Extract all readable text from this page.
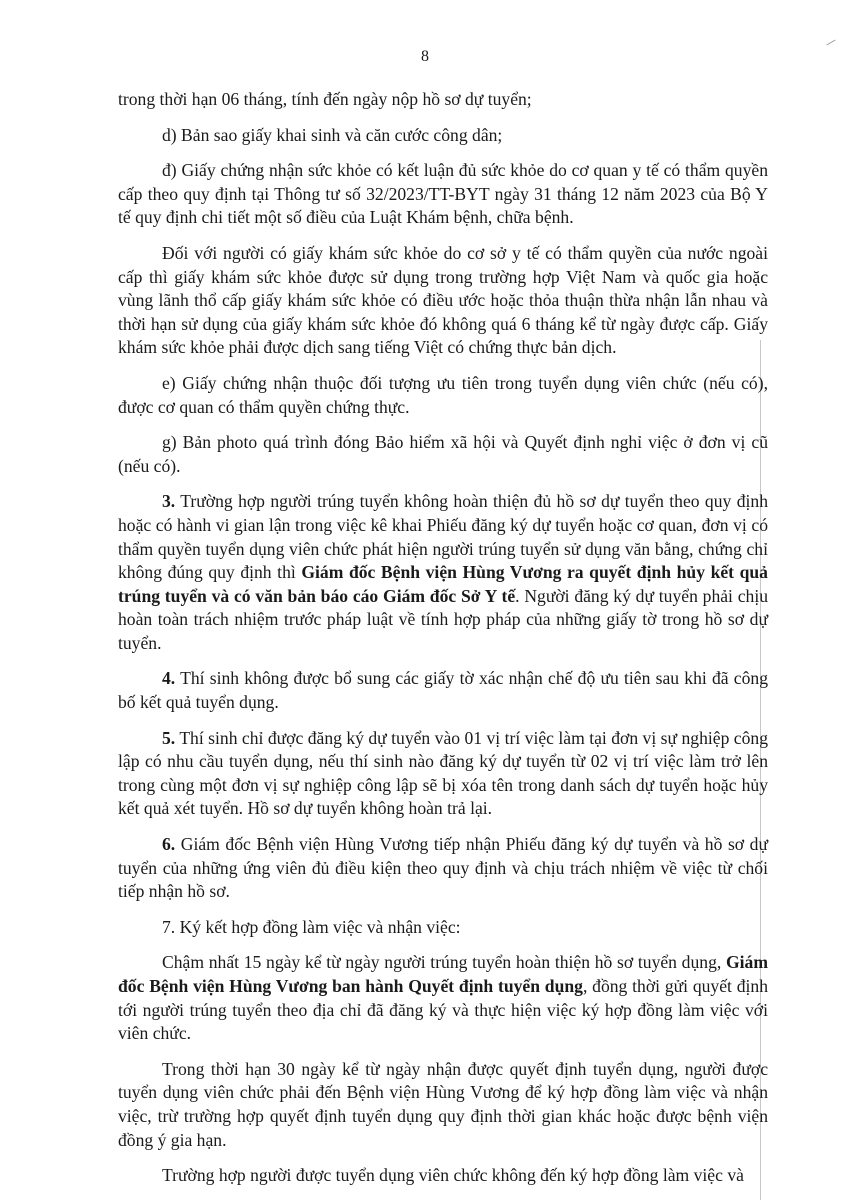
8

trong thời hạn 06 tháng, tính đến ngày nộp hồ sơ dự tuyển;

d) Bản sao giấy khai sinh và căn cước công dân;

đ) Giấy chứng nhận sức khỏe có kết luận đủ sức khỏe do cơ quan y tế có thẩm quyền cấp theo quy định tại Thông tư số 32/2023/TT-BYT ngày 31 tháng 12 năm 2023 của Bộ Y tế quy định chi tiết một số điều của Luật Khám bệnh, chữa bệnh.

Đối với người có giấy khám sức khỏe do cơ sở y tế có thẩm quyền của nước ngoài cấp thì giấy khám sức khỏe được sử dụng trong trường hợp Việt Nam và quốc gia hoặc vùng lãnh thổ cấp giấy khám sức khỏe có điều ước hoặc thỏa thuận thừa nhận lẫn nhau và thời hạn sử dụng của giấy khám sức khỏe đó không quá 6 tháng kể từ ngày được cấp. Giấy khám sức khỏe phải được dịch sang tiếng Việt có chứng thực bản dịch.

e) Giấy chứng nhận thuộc đối tượng ưu tiên trong tuyển dụng viên chức (nếu có), được cơ quan có thẩm quyền chứng thực.

g) Bản photo quá trình đóng Bảo hiểm xã hội và Quyết định nghỉ việc ở đơn vị cũ (nếu có).

3. Trường hợp người trúng tuyển không hoàn thiện đủ hồ sơ dự tuyển theo quy định hoặc có hành vi gian lận trong việc kê khai Phiếu đăng ký dự tuyển hoặc cơ quan, đơn vị có thẩm quyền tuyển dụng viên chức phát hiện người trúng tuyển sử dụng văn bằng, chứng chỉ không đúng quy định thì Giám đốc Bệnh viện Hùng Vương ra quyết định hủy kết quả trúng tuyển và có văn bản báo cáo Giám đốc Sở Y tế. Người đăng ký dự tuyển phải chịu hoàn toàn trách nhiệm trước pháp luật về tính hợp pháp của những giấy tờ trong hồ sơ dự tuyển.

4. Thí sinh không được bổ sung các giấy tờ xác nhận chế độ ưu tiên sau khi đã công bố kết quả tuyển dụng.

5. Thí sinh chỉ được đăng ký dự tuyển vào 01 vị trí việc làm tại đơn vị sự nghiệp công lập có nhu cầu tuyển dụng, nếu thí sinh nào đăng ký dự tuyển từ 02 vị trí việc làm trở lên trong cùng một đơn vị sự nghiệp công lập sẽ bị xóa tên trong danh sách dự tuyển hoặc hủy kết quả xét tuyển. Hồ sơ dự tuyển không hoàn trả lại.

6. Giám đốc Bệnh viện Hùng Vương tiếp nhận Phiếu đăng ký dự tuyển và hồ sơ dự tuyển của những ứng viên đủ điều kiện theo quy định và chịu trách nhiệm về việc từ chối tiếp nhận hồ sơ.

7. Ký kết hợp đồng làm việc và nhận việc:

Chậm nhất 15 ngày kể từ ngày người trúng tuyển hoàn thiện hồ sơ tuyển dụng, Giám đốc Bệnh viện Hùng Vương ban hành Quyết định tuyển dụng, đồng thời gửi quyết định tới người trúng tuyển theo địa chỉ đã đăng ký và thực hiện việc ký hợp đồng làm việc với viên chức.

Trong thời hạn 30 ngày kể từ ngày nhận được quyết định tuyển dụng, người được tuyển dụng viên chức phải đến Bệnh viện Hùng Vương để ký hợp đồng làm việc và nhận việc, trừ trường hợp quyết định tuyển dụng quy định thời gian khác hoặc được bệnh viện đồng ý gia hạn.

Trường hợp người được tuyển dụng viên chức không đến ký hợp đồng làm việc và
